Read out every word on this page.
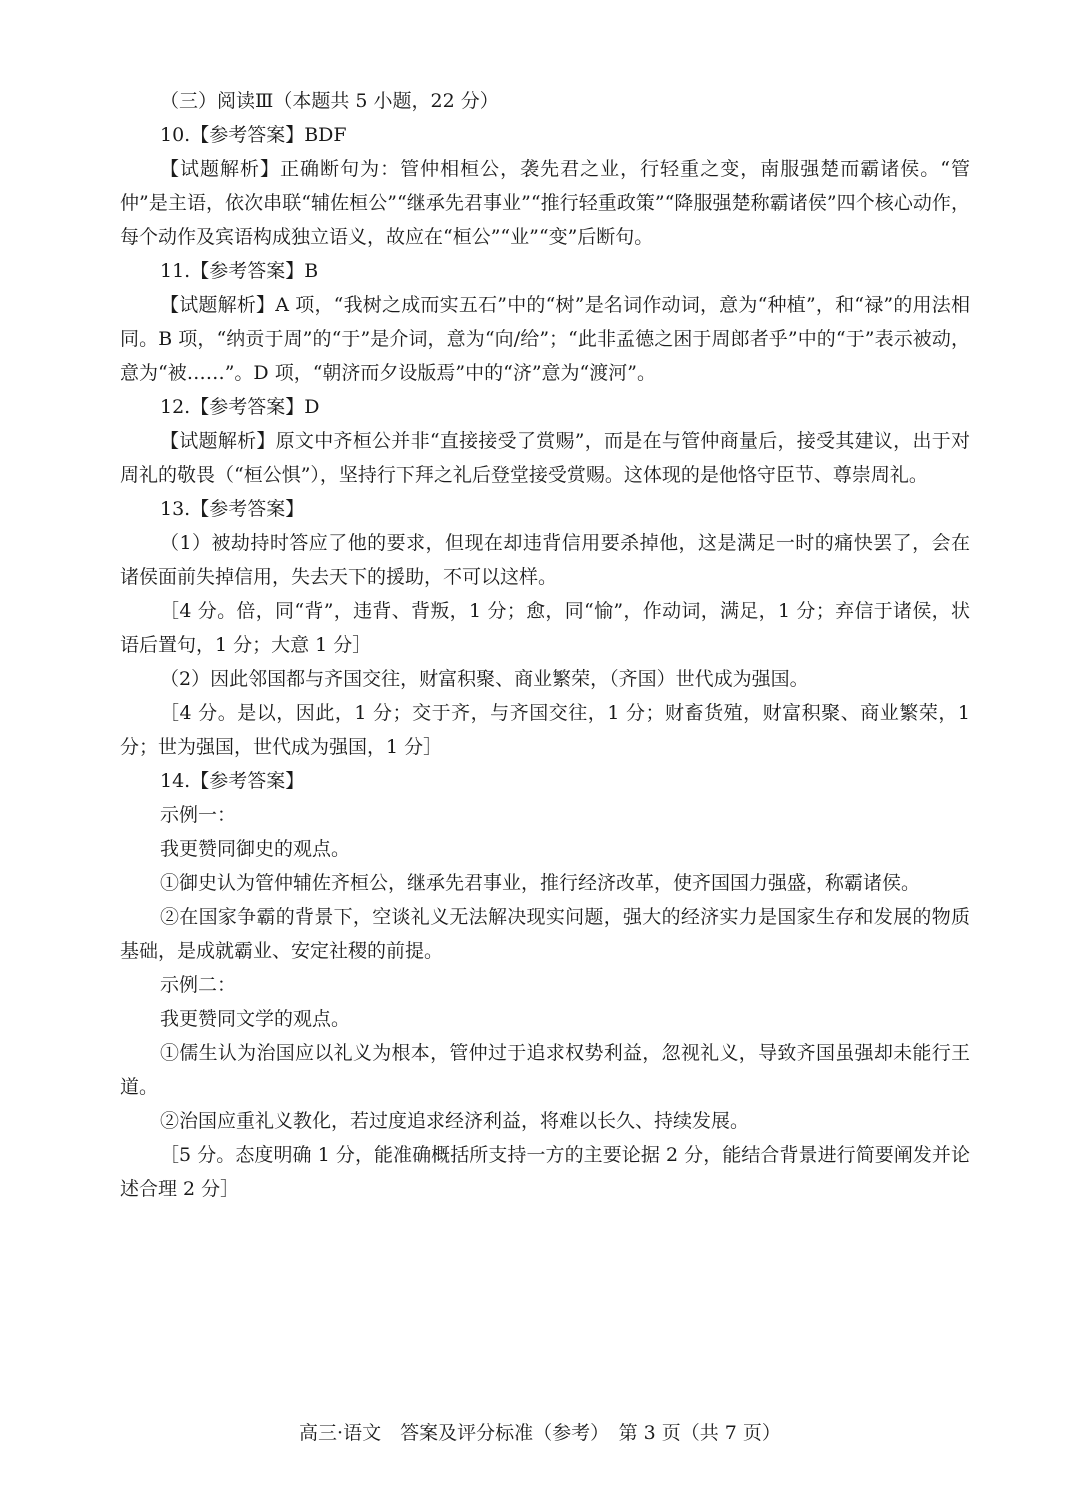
（三）阅读Ⅲ（本题共 5 小题，22 分）

10.【参考答案】BDF

【试题解析】正确断句为：管仲相桓公，袭先君之业，行轻重之变，南服强楚而霸诸侯。“管仲”是主语，依次串联“辅佐桓公”“继承先君事业”“推行轻重政策”“降服强楚称霸诸侯”四个核心动作，每个动作及宾语构成独立语义，故应在“桓公”“业”“变”后断句。

11.【参考答案】B

【试题解析】A 项，“我树之成而实五石”中的“树”是名词作动词，意为“种植”，和“禄”的用法相同。B 项，“纳贡于周”的“于”是介词，意为“向/给”；“此非孟德之困于周郎者乎”中的“于”表示被动，意为“被……”。D 项，“朝济而夕设版焉”中的“济”意为“渡河”。

12.【参考答案】D

【试题解析】原文中齐桓公并非“直接接受了赏赐”，而是在与管仲商量后，接受其建议，出于对周礼的敬畏（“桓公惧”），坚持行下拜之礼后登堂接受赏赐。这体现的是他恪守臣节、尊崇周礼。

13.【参考答案】

（1）被劫持时答应了他的要求，但现在却违背信用要杀掉他，这是满足一时的痛快罢了，会在诸侯面前失掉信用，失去天下的援助，不可以这样。

［4 分。倍，同“背”，违背、背叛，1 分；愈，同“愉”，作动词，满足，1 分；弃信于诸侯，状语后置句，1 分；大意 1 分］

（2）因此邻国都与齐国交往，财富积聚、商业繁荣，（齐国）世代成为强国。

［4 分。是以，因此，1 分；交于齐，与齐国交往，1 分；财畜货殖，财富积聚、商业繁荣，1 分；世为强国，世代成为强国，1 分］

14.【参考答案】

示例一：

我更赞同御史的观点。

①御史认为管仲辅佐齐桓公，继承先君事业，推行经济改革，使齐国国力强盛，称霸诸侯。

②在国家争霸的背景下，空谈礼义无法解决现实问题，强大的经济实力是国家生存和发展的物质基础，是成就霸业、安定社稷的前提。

示例二：

我更赞同文学的观点。

①儒生认为治国应以礼义为根本，管仲过于追求权势利益，忽视礼义，导致齐国虽强却未能行王道。

②治国应重礼义教化，若过度追求经济利益，将难以长久、持续发展。

［5 分。态度明确 1 分，能准确概括所支持一方的主要论据 2 分，能结合背景进行简要阐发并论述合理 2 分］

高三·语文　答案及评分标准（参考）　第 3 页（共 7 页）
